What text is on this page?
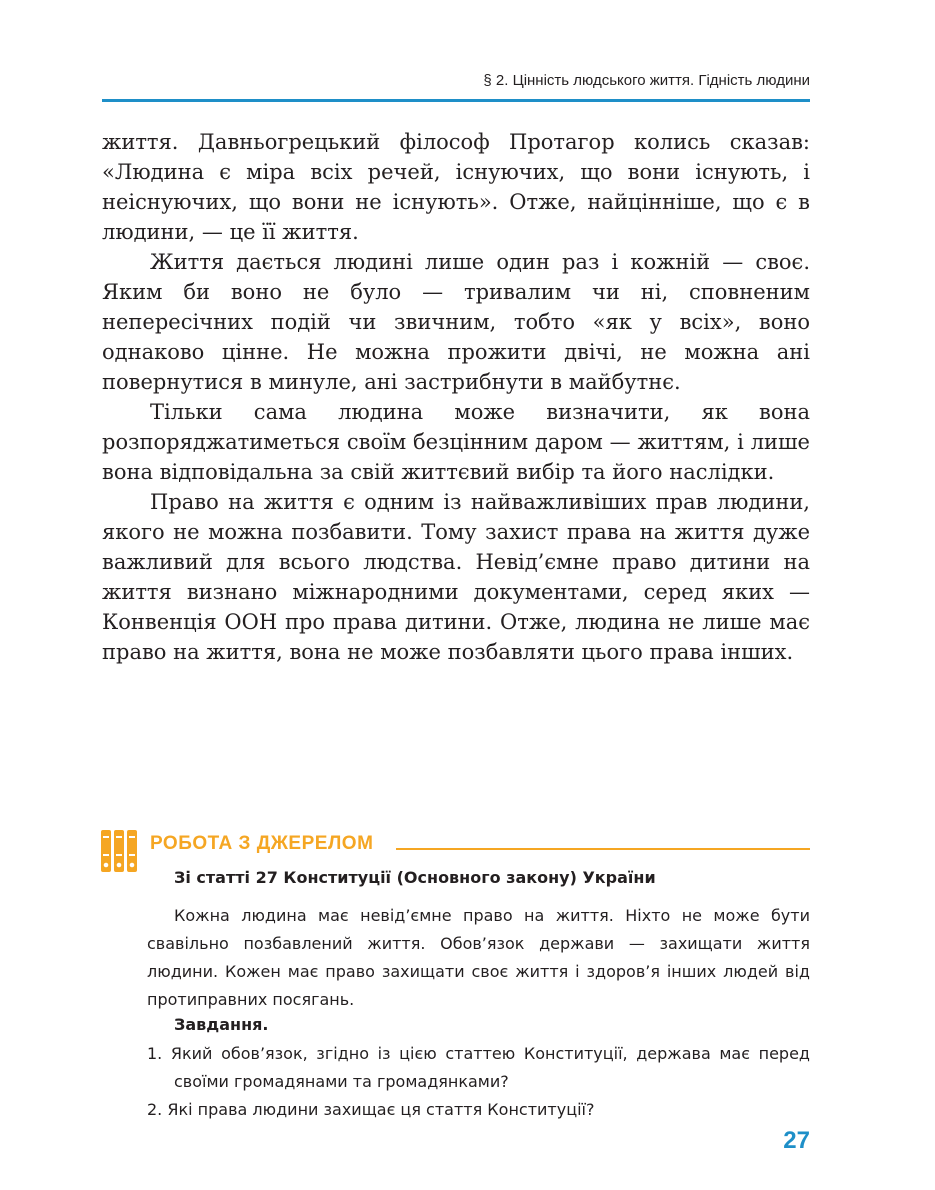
§ 2. Цінність людського життя. Гідність людини

життя. Давньогрецький філософ Протагор колись сказав: «Людина є міра всіх речей, існуючих, що вони існують, і неіснуючих, що вони не існують». Отже, найцінніше, що є в людини, — це її життя.

Життя дається людині лише один раз і кожній — своє. Яким би воно не було — тривалим чи ні, сповненим непересічних подій чи звичним, тобто «як у всіх», воно однаково цінне. Не можна прожити двічі, не можна ані повернутися в минуле, ані застрибнути в майбутнє.

Тільки сама людина може визначити, як вона розпоряджатиметься своїм безцінним даром — життям, і лише вона відповідальна за свій життєвий вибір та його наслідки.

Право на життя є одним із найважливіших прав людини, якого не можна позбавити. Тому захист права на життя дуже важливий для всього людства. Невід’ємне право дитини на життя визнано міжнародними документами, серед яких — Конвенція ООН про права дитини. Отже, людина не лише має право на життя, вона не може позбавляти цього права інших.

РОБОТА З ДЖЕРЕЛОМ
Зі статті 27 Конституції (Основного закону) України

Кожна людина має невід’ємне право на життя. Ніхто не може бути свавільно позбавлений життя. Обов’язок держави — захищати життя людини. Кожен має право захищати своє життя і здоров’я інших людей від протиправних посягань.

Завдання.
1. Який обов’язок, згідно із цією статтею Конституції, держава має перед своїми громадянами та громадянками?
2. Які права людини захищає ця стаття Конституції?
27
